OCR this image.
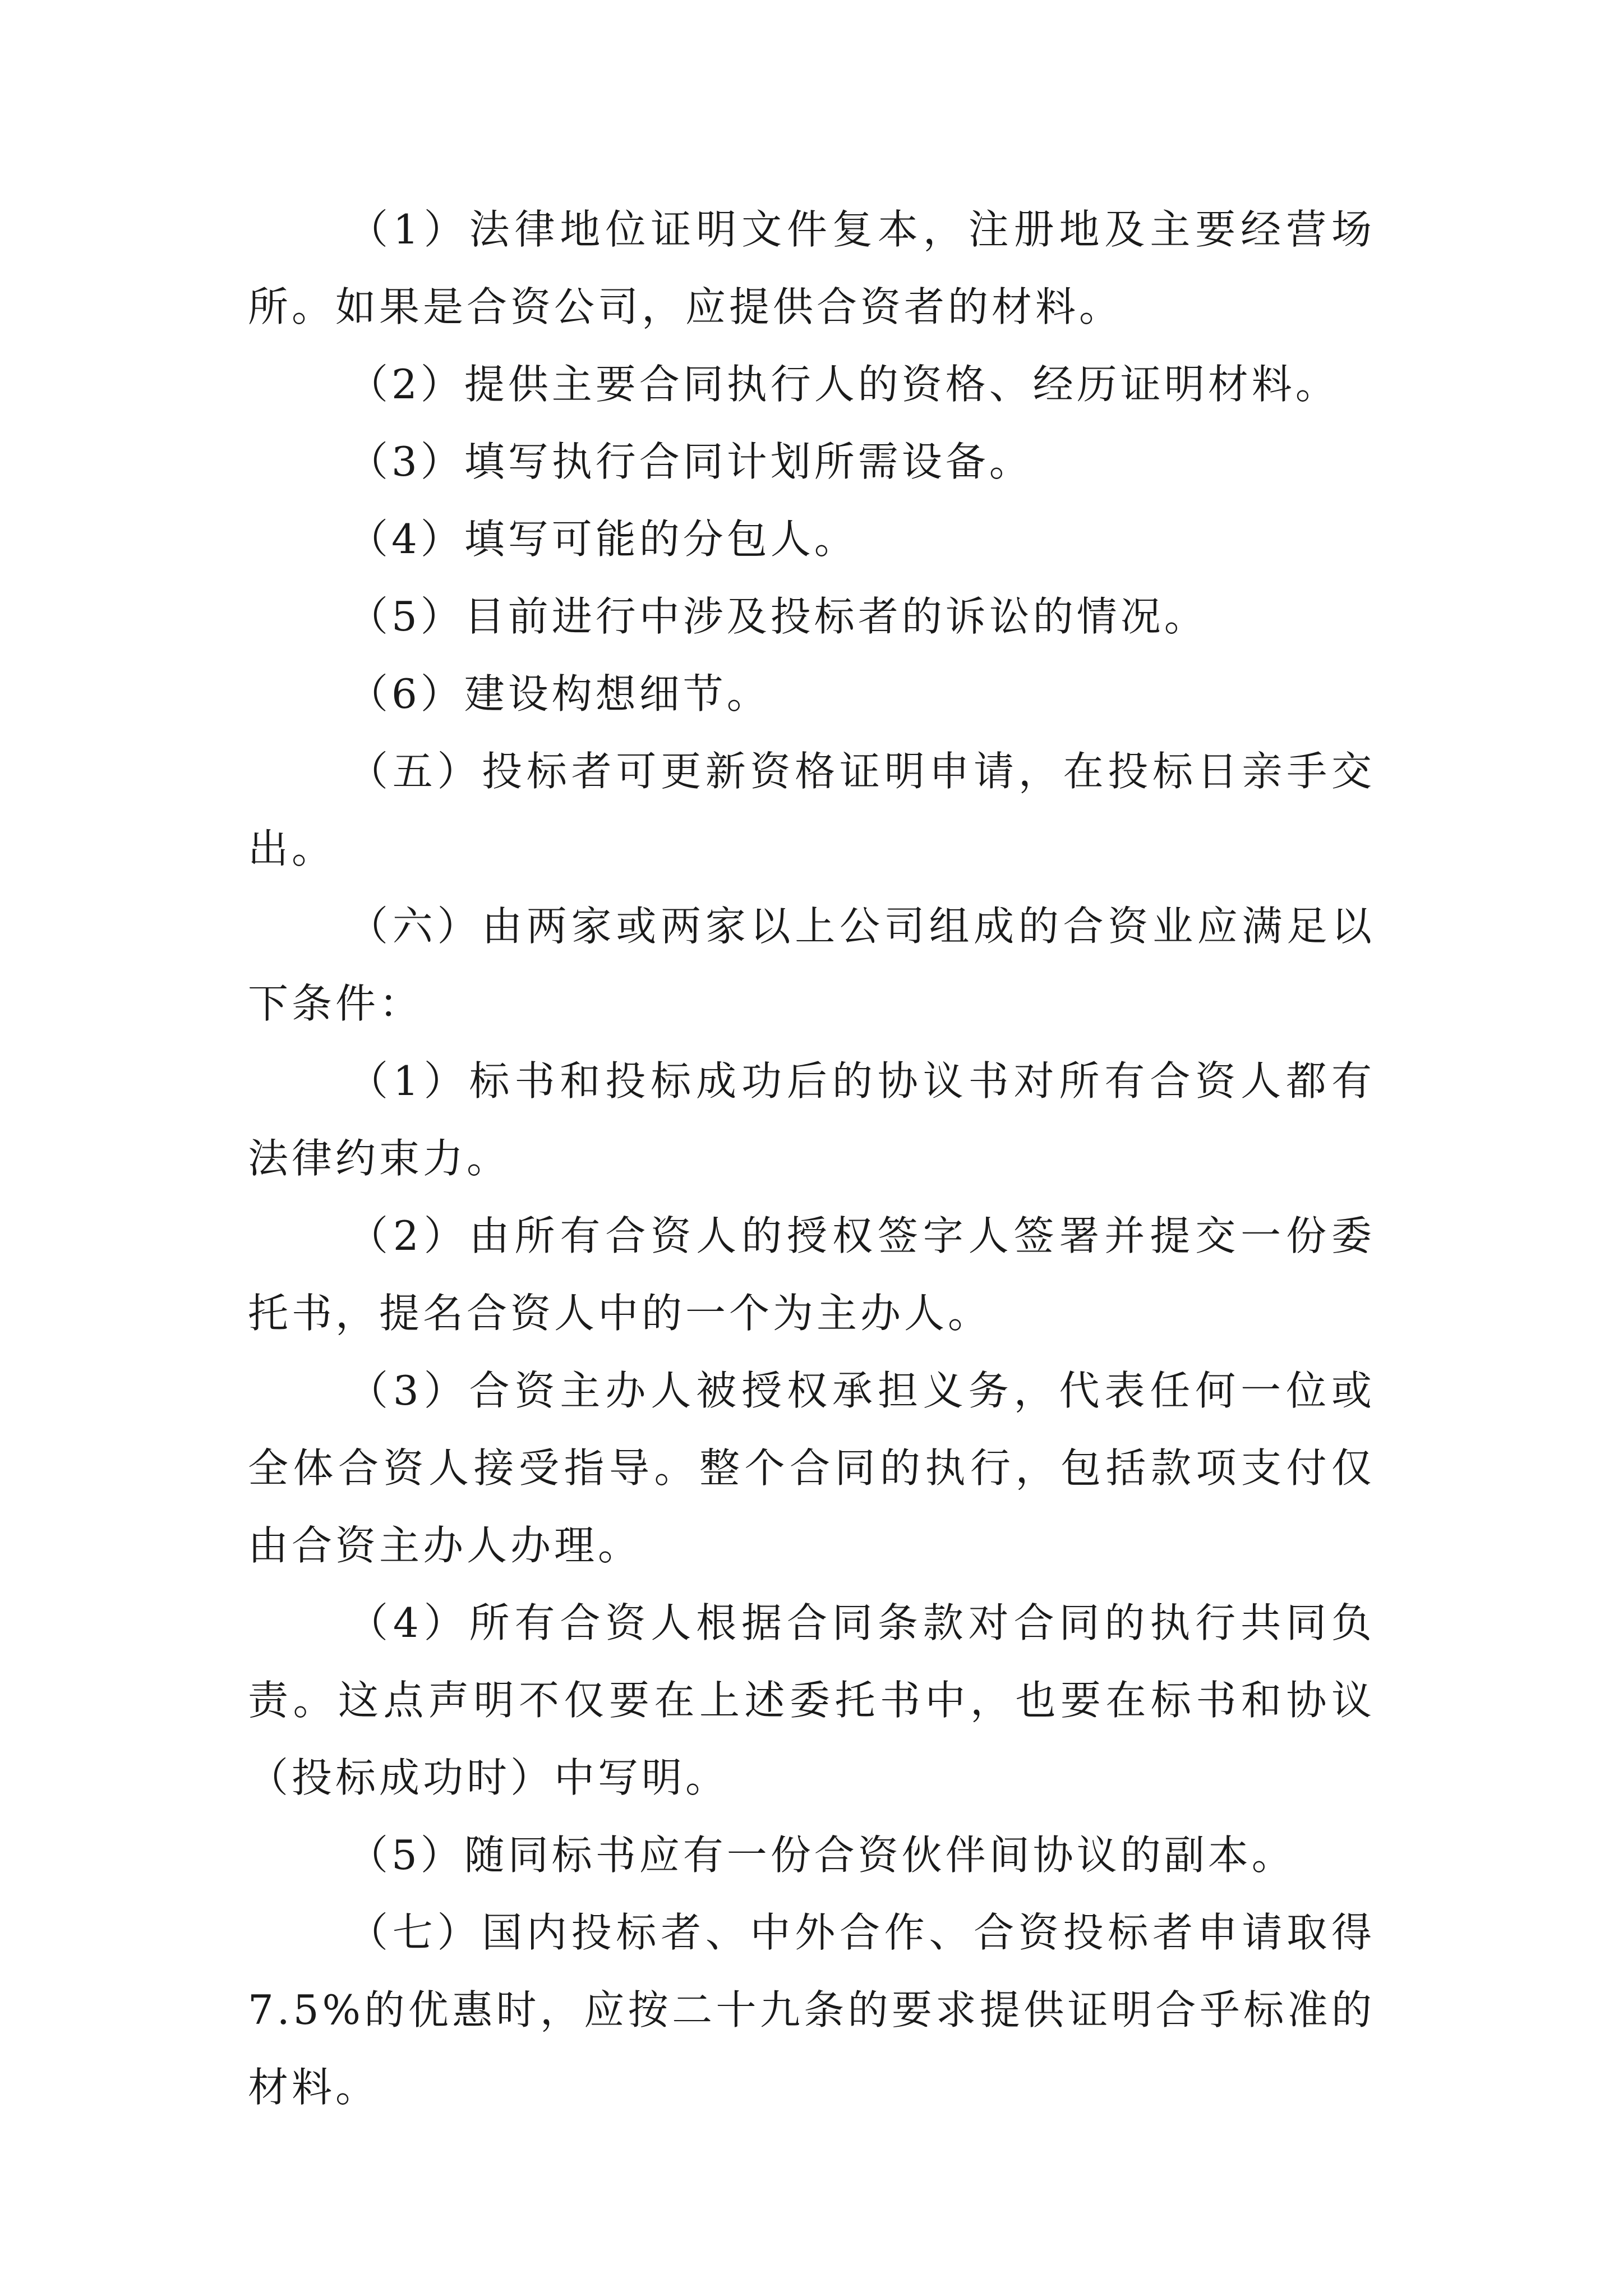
（1）法律地位证明文件复本，注册地及主要经营场所。如果是合资公司，应提供合资者的材料。

（2）提供主要合同执行人的资格、经历证明材料。

（3）填写执行合同计划所需设备。

（4）填写可能的分包人。

（5）目前进行中涉及投标者的诉讼的情况。

（6）建设构想细节。

（五）投标者可更新资格证明申请，在投标日亲手交出。

（六）由两家或两家以上公司组成的合资业应满足以下条件：

（1）标书和投标成功后的协议书对所有合资人都有法律约束力。

（2）由所有合资人的授权签字人签署并提交一份委托书，提名合资人中的一个为主办人。

（3）合资主办人被授权承担义务，代表任何一位或全体合资人接受指导。整个合同的执行，包括款项支付仅由合资主办人办理。

（4）所有合资人根据合同条款对合同的执行共同负责。这点声明不仅要在上述委托书中，也要在标书和协议（投标成功时）中写明。

（5）随同标书应有一份合资伙伴间协议的副本。

（七）国内投标者、中外合作、合资投标者申请取得7.5%的优惠时，应按二十九条的要求提供证明合乎标准的材料。
